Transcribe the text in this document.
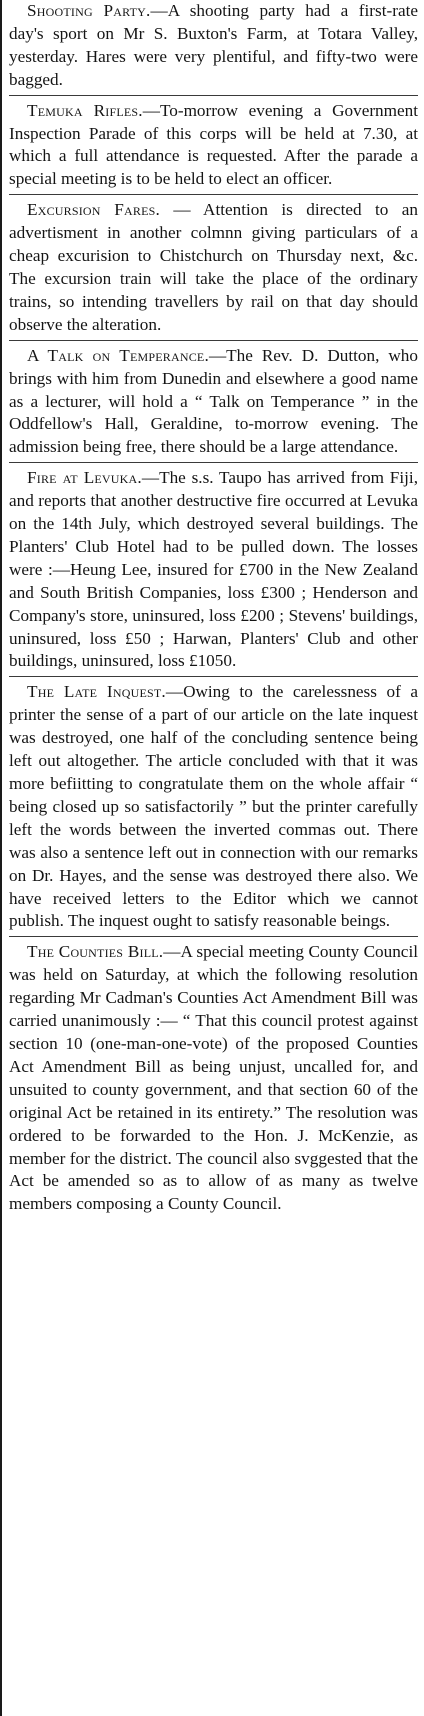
Shooting Party.—A shooting party had a first-rate day's sport on Mr S. Buxton's Farm, at Totara Valley, yesterday. Hares were very plentiful, and fifty-two were bagged.

Temuka Rifles.—To-morrow evening a Government Inspection Parade of this corps will be held at 7.30, at which a full attendance is requested. After the parade a special meeting is to be held to elect an officer.

Excursion Fares. — Attention is directed to an advertisment in another colmnn giving particulars of a cheap excurision to Chistchurch on Thursday next, &c. The excursion train will take the place of the ordinary trains, so intending travellers by rail on that day should observe the alteration.

A Talk on Temperance.—The Rev. D. Dutton, who brings with him from Dunedin and elsewhere a good name as a lecturer, will hold a “ Talk on Temperance ” in the Oddfellow's Hall, Geraldine, to-morrow evening. The admission being free, there should be a large attendance.

Fire at Levuka.—The s.s. Taupo has arrived from Fiji, and reports that another destructive fire occurred at Levuka on the 14th July, which destroyed several buildings. The Planters' Club Hotel had to be pulled down. The losses were :—Heung Lee, insured for £700 in the New Zealand and South British Companies, loss £300 ; Henderson and Company's store, uninsured, loss £200 ; Stevens' buildings, uninsured, loss £50 ; Harwan, Planters' Club and other buildings, uninsured, loss £1050.

The Late Inquest.—Owing to the carelessness of a printer the sense of a part of our article on the late inquest was destroyed, one half of the concluding sentence being left out altogether. The article concluded with that it was more befiitting to congratulate them on the whole affair “ being closed up so satisfactorily ” but the printer carefully left the words between the inverted commas out. There was also a sentence left out in connection with our remarks on Dr. Hayes, and the sense was destroyed there also. We have received letters to the Editor which we cannot publish. The inquest ought to satisfy reasonable beings.

The Counties Bill.—A special meeting County Council was held on Saturday, at which the following resolution regarding Mr Cadman's Counties Act Amendment Bill was carried unanimously :— “ That this council protest against section 10 (one-man-one-vote) of the proposed Counties Act Amendment Bill as being unjust, uncalled for, and unsuited to county government, and that section 60 of the original Act be retained in its entirety.” The resolution was ordered to be forwarded to the Hon. J. McKenzie, as member for the district. The council also svggested that the Act be amended so as to allow of as many as twelve members composing a County Council.
